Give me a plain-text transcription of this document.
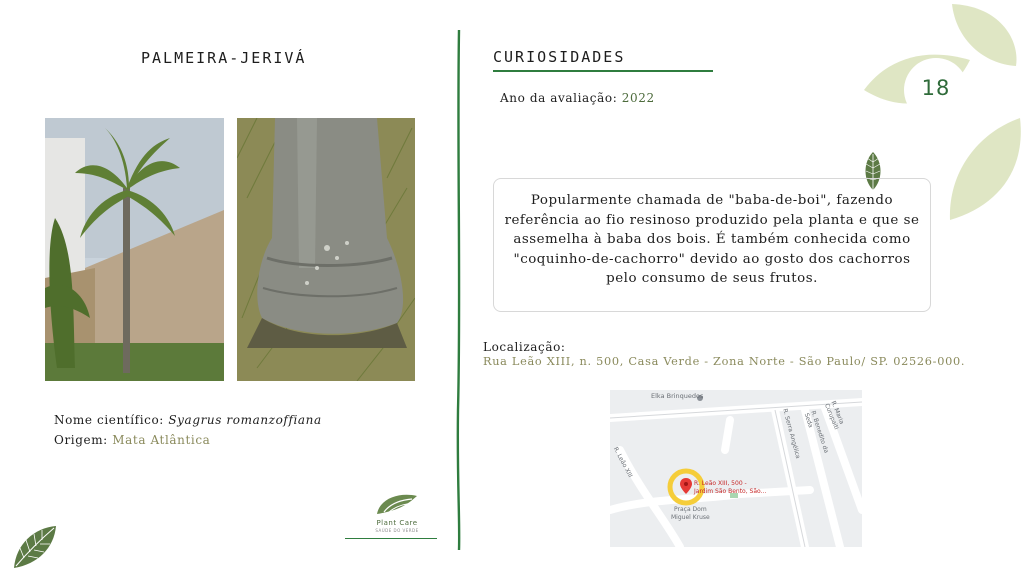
18
PALMEIRA-JERIVÁ
Nome científico: Syagrus romanzoffiana
Origem: Mata Atlântica
Plant Care
SAÚDE DO VERDE
CURIOSIDADES
Ano da avaliação: 2022
Popularmente chamada de "baba-de-boi", fazendo referência ao fio resinoso produzido pela planta e que se assemelha à baba dos bois. É também conhecida como "coquinho-de-cachorro" devido ao gosto dos cachorros pelo consumo de seus frutos.
Localização:
Rua Leão XIII, n. 500, Casa Verde - Zona Norte - São Paulo/ SP. 02526-000.
Elka Brinquedos
R. Leão XIII
R. Serra Angélica	R. Benedito da Seda	R. Maria Curupaiti
R. Leão XIII, 500 -
Jardim São Bento, São...
Praça Dom
Miguel Kruse
